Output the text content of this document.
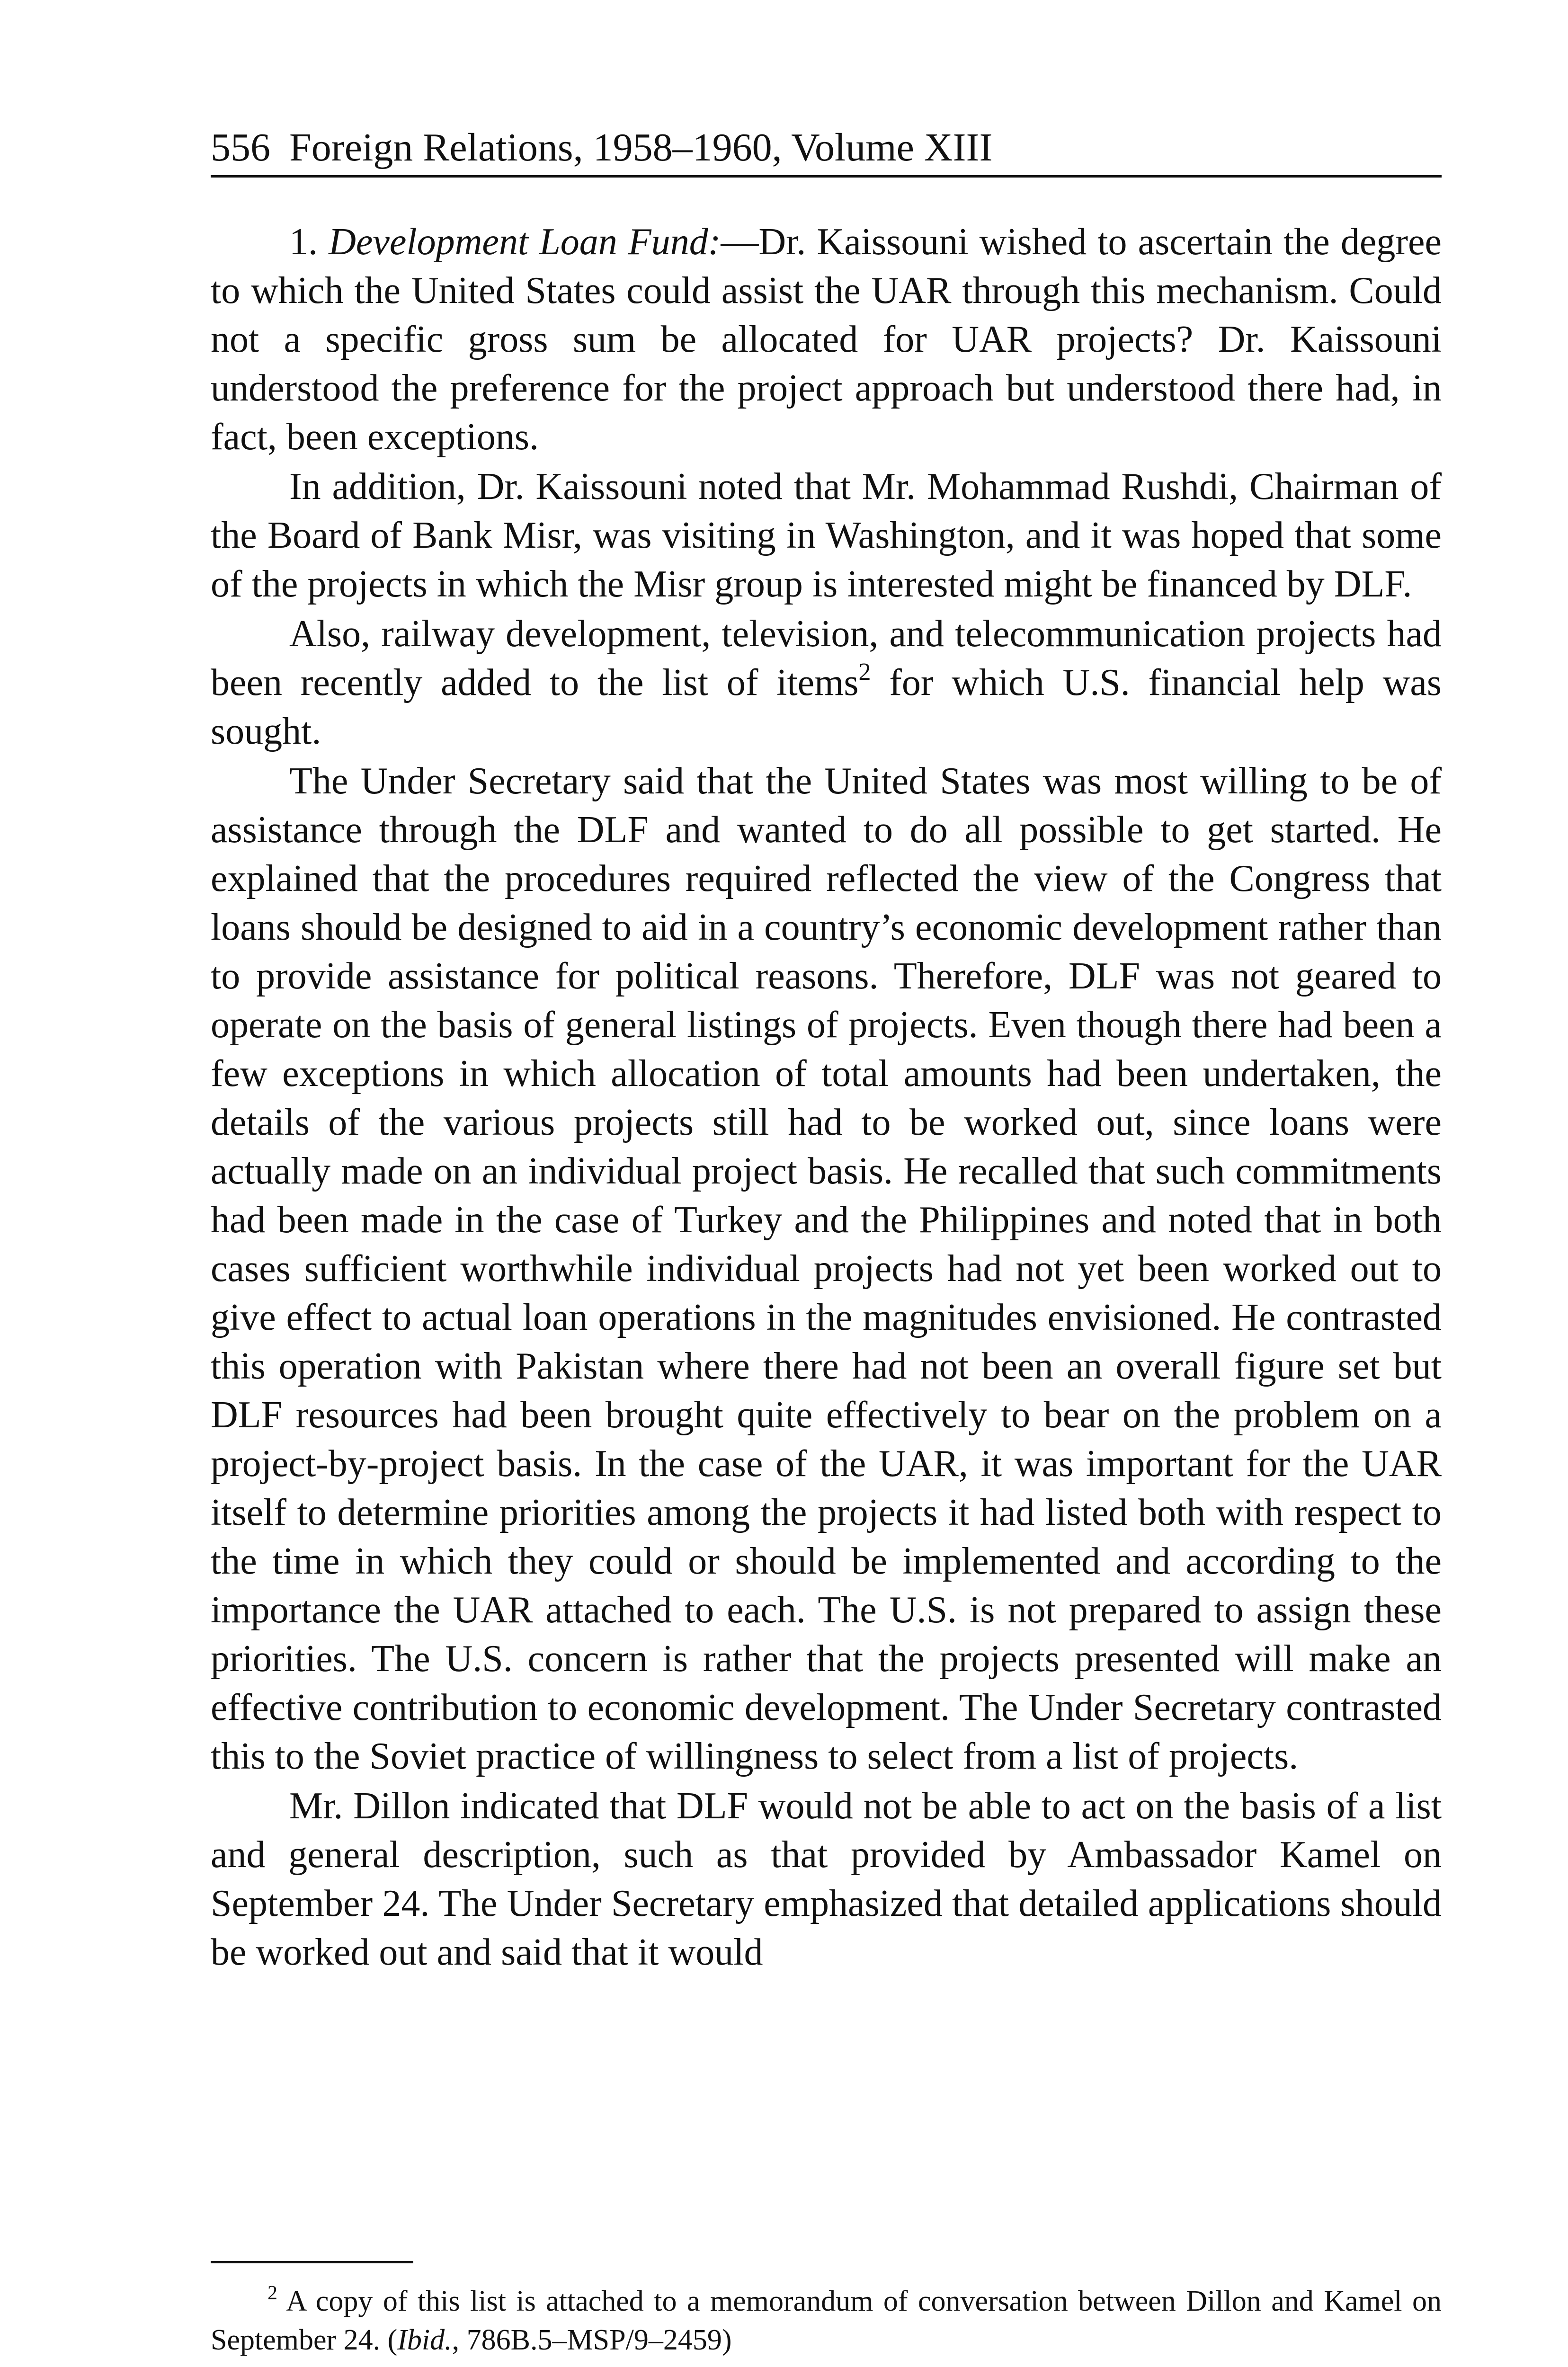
556 Foreign Relations, 1958–1960, Volume XIII

1. Development Loan Fund:—Dr. Kaissouni wished to ascertain the degree to which the United States could assist the UAR through this mechanism. Could not a specific gross sum be allocated for UAR projects? Dr. Kaissouni understood the preference for the project approach but understood there had, in fact, been exceptions.

In addition, Dr. Kaissouni noted that Mr. Mohammad Rushdi, Chairman of the Board of Bank Misr, was visiting in Washington, and it was hoped that some of the projects in which the Misr group is interested might be financed by DLF.

Also, railway development, television, and telecommunication projects had been recently added to the list of items$^2$ for which U.S. financial help was sought.

The Under Secretary said that the United States was most willing to be of assistance through the DLF and wanted to do all possible to get started. He explained that the procedures required reflected the view of the Congress that loans should be designed to aid in a country’s economic development rather than to provide assistance for political reasons. Therefore, DLF was not geared to operate on the basis of general listings of projects. Even though there had been a few exceptions in which allocation of total amounts had been undertaken, the details of the various projects still had to be worked out, since loans were actually made on an individual project basis. He recalled that such commitments had been made in the case of Turkey and the Philippines and noted that in both cases sufficient worthwhile individual projects had not yet been worked out to give effect to actual loan operations in the magnitudes envisioned. He contrasted this operation with Pakistan where there had not been an overall figure set but DLF resources had been brought quite effectively to bear on the problem on a project-by-project basis. In the case of the UAR, it was important for the UAR itself to determine priorities among the projects it had listed both with respect to the time in which they could or should be implemented and according to the importance the UAR attached to each. The U.S. is not prepared to assign these priorities. The U.S. concern is rather that the projects presented will make an effective contribution to economic development. The Under Secretary contrasted this to the Soviet practice of willingness to select from a list of projects.

Mr. Dillon indicated that DLF would not be able to act on the basis of a list and general description, such as that provided by Ambassador Kamel on September 24. The Under Secretary emphasized that detailed applications should be worked out and said that it would

$^2$ A copy of this list is attached to a memorandum of conversation between Dillon and Kamel on September 24. (Ibid., 786B.5–MSP/9–2459)
